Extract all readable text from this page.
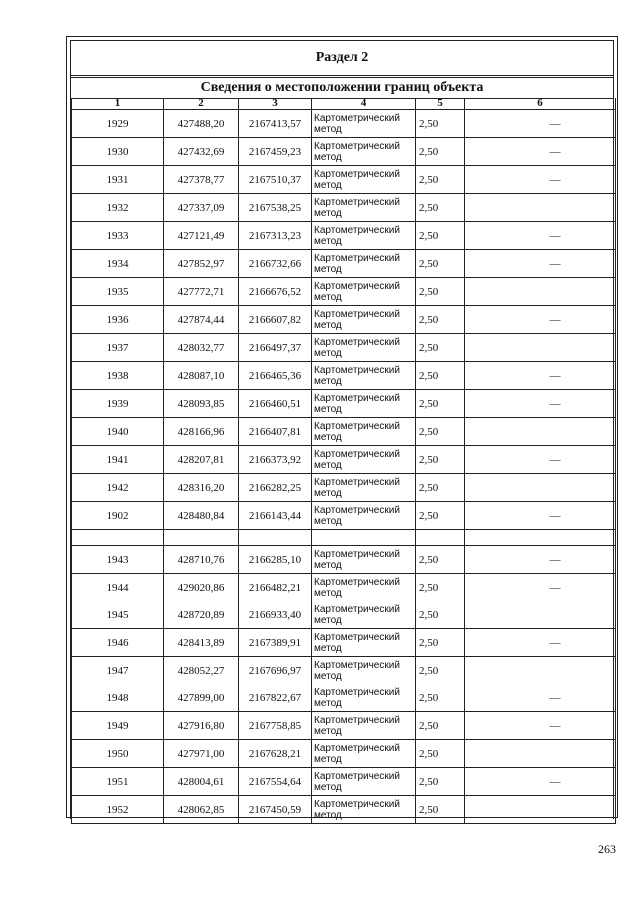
Раздел 2
Сведения о местоположении границ объекта
1	2	3	4	5	6
1929	427488,20	2167413,57	Картометрический метод	2,50	—
1930	427432,69	2167459,23	Картометрический метод	2,50	—
1931	427378,77	2167510,37	Картометрический метод	2,50	—
1932	427337,09	2167538,25	Картометрический метод	2,50	
1933	427121,49	2167313,23	Картометрический метод	2,50	—
1934	427852,97	2166732,66	Картометрический метод	2,50	—
1935	427772,71	2166676,52	Картометрический метод	2,50	
1936	427874,44	2166607,82	Картометрический метод	2,50	—
1937	428032,77	2166497,37	Картометрический метод	2,50	
1938	428087,10	2166465,36	Картометрический метод	2,50	—
1939	428093,85	2166460,51	Картометрический метод	2,50	—
1940	428166,96	2166407,81	Картометрический метод	2,50	
1941	428207,81	2166373,92	Картометрический метод	2,50	—
1942	428316,20	2166282,25	Картометрический метод	2,50	
1902	428480,84	2166143,44	Картометрический метод	2,50	—

1943	428710,76	2166285,10	Картометрический метод	2,50	—
1944	429020,86	2166482,21	Картометрический метод	2,50	—
1945	428720,89	2166933,40	Картометрический метод	2,50	
1946	428413,89	2167389,91	Картометрический метод	2,50	—
1947	428052,27	2167696,97	Картометрический метод	2,50	
1948	427899,00	2167822,67	Картометрический метод	2,50	—
1949	427916,80	2167758,85	Картометрический метод	2,50	—
1950	427971,00	2167628,21	Картометрический метод	2,50	
1951	428004,61	2167554,64	Картометрический метод	2,50	—
1952	428062,85	2167450,59	Картометрический метод	2,50	
263
